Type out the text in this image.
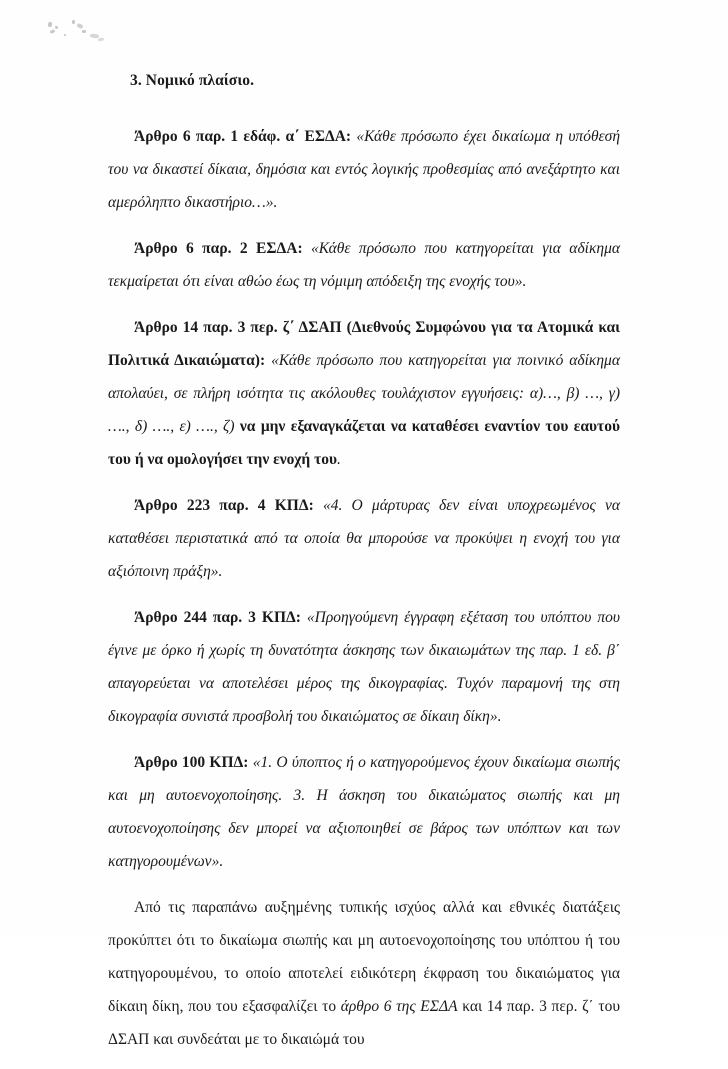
3. Νομικό πλαίσιο.

Άρθρο 6 παρ. 1 εδάφ. α΄ ΕΣΔΑ: «Κάθε πρόσωπο έχει δικαίωμα η υπόθεσή του να δικαστεί δίκαια, δημόσια και εντός λογικής προθεσμίας από ανεξάρτητο και αμερόληπτο δικαστήριο…».

Άρθρο 6 παρ. 2 ΕΣΔΑ: «Κάθε πρόσωπο που κατηγορείται για αδίκημα τεκμαίρεται ότι είναι αθώο έως τη νόμιμη απόδειξη της ενοχής του».

Άρθρο 14 παρ. 3 περ. ζ΄ ΔΣΑΠ (Διεθνούς Συμφώνου για τα Ατομικά και Πολιτικά Δικαιώματα): «Κάθε πρόσωπο που κατηγορείται για ποινικό αδίκημα απολαύει, σε πλήρη ισότητα τις ακόλουθες τουλάχιστον εγγυήσεις: α)…, β) …, γ) …., δ) …., ε) …., ζ) να μην εξαναγκάζεται να καταθέσει εναντίον του εαυτού του ή να ομολογήσει την ενοχή του.

Άρθρο 223 παρ. 4 ΚΠΔ: «4. Ο μάρτυρας δεν είναι υποχρεωμένος να καταθέσει περιστατικά από τα οποία θα μπορούσε να προκύψει η ενοχή του για αξιόποινη πράξη».

Άρθρο 244 παρ. 3 ΚΠΔ: «Προηγούμενη έγγραφη εξέταση του υπόπτου που έγινε με όρκο ή χωρίς τη δυνατότητα άσκησης των δικαιωμάτων της παρ. 1 εδ. β΄ απαγορεύεται να αποτελέσει μέρος της δικογραφίας. Τυχόν παραμονή της στη δικογραφία συνιστά προσβολή του δικαιώματος σε δίκαιη δίκη».

Άρθρο 100 ΚΠΔ: «1. Ο ύποπτος ή ο κατηγορούμενος έχουν δικαίωμα σιωπής και μη αυτοενοχοποίησης. 3. Η άσκηση του δικαιώματος σιωπής και μη αυτοενοχοποίησης δεν μπορεί να αξιοποιηθεί σε βάρος των υπόπτων και των κατηγορουμένων».

Από τις παραπάνω αυξημένης τυπικής ισχύος αλλά και εθνικές διατάξεις προκύπτει ότι το δικαίωμα σιωπής και μη αυτοενοχοποίησης του υπόπτου ή του κατηγορουμένου, το οποίο αποτελεί ειδικότερη έκφραση του δικαιώματος για δίκαιη δίκη, που του εξασφαλίζει το άρθρο 6 της ΕΣΔΑ και 14 παρ. 3 περ. ζ΄ του ΔΣΑΠ και συνδεάται με το δικαιώμά του
